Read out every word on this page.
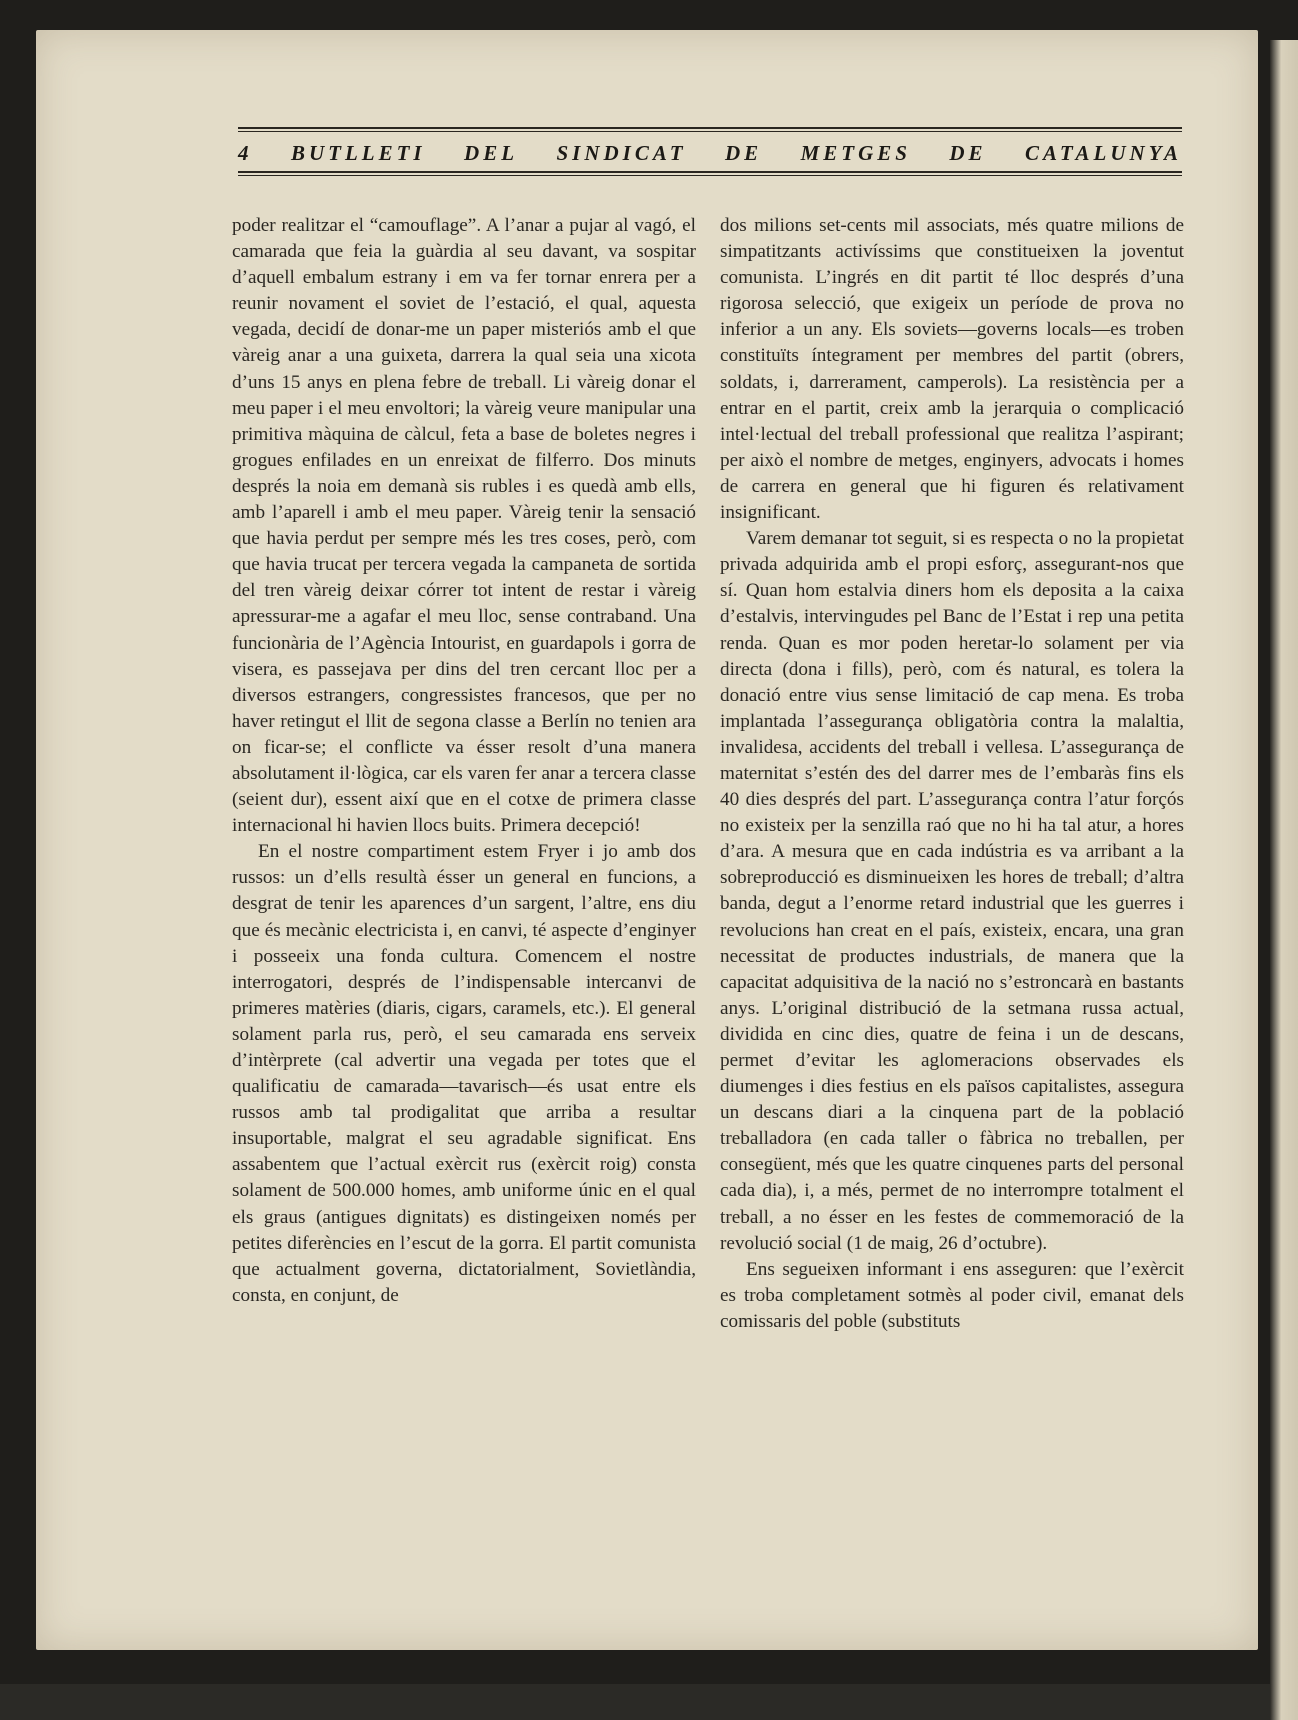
4 BUTLLETI DEL SINDICAT DE METGES DE CATALUNYA

poder realitzar el “camouflage”. A l’anar a pujar al vagó, el camarada que feia la guàrdia al seu davant, va sospitar d’aquell embalum estrany i em va fer tornar enrera per a reunir novament el soviet de l’estació, el qual, aquesta vegada, decidí de donar-me un paper misteriós amb el que vàreig anar a una guixeta, darrera la qual seia una xicota d’uns 15 anys en plena febre de treball. Li vàreig donar el meu paper i el meu envoltori; la vàreig veure manipular una primitiva màquina de càlcul, feta a base de boletes negres i grogues enfilades en un enreixat de filferro. Dos minuts després la noia em demanà sis rubles i es quedà amb ells, amb l’aparell i amb el meu paper. Vàreig tenir la sensació que havia perdut per sempre més les tres coses, però, com que havia trucat per tercera vegada la campaneta de sortida del tren vàreig deixar córrer tot intent de restar i vàreig apressurar-me a agafar el meu lloc, sense contraband. Una funcionària de l’Agència Intourist, en guardapols i gorra de visera, es passejava per dins del tren cercant lloc per a diversos estrangers, congressistes francesos, que per no haver retingut el llit de segona classe a Berlín no tenien ara on ficar-se; el conflicte va ésser resolt d’una manera absolutament il·lògica, car els varen fer anar a tercera classe (seient dur), essent així que en el cotxe de primera classe internacional hi havien llocs buits. Primera decepció!

En el nostre compartiment estem Fryer i jo amb dos russos: un d’ells resultà ésser un general en funcions, a desgrat de tenir les aparences d’un sargent, l’altre, ens diu que és mecànic electricista i, en canvi, té aspecte d’enginyer i posseeix una fonda cultura. Comencem el nostre interrogatori, després de l’indispensable intercanvi de primeres matèries (diaris, cigars, caramels, etc.). El general solament parla rus, però, el seu camarada ens serveix d’intèrprete (cal advertir una vegada per totes que el qualificatiu de camarada—tavarisch—és usat entre els russos amb tal prodigalitat que arriba a resultar insuportable, malgrat el seu agradable significat. Ens assabentem que l’actual exèrcit rus (exèrcit roig) consta solament de 500.000 homes, amb uniforme únic en el qual els graus (antigues dignitats) es distingeixen només per petites diferències en l’escut de la gorra. El partit comunista que actualment governa, dictatorialment, Sovietlàndia, consta, en conjunt, de

dos milions set-cents mil associats, més quatre milions de simpatitzants activíssims que constitueixen la joventut comunista. L’ingrés en dit partit té lloc després d’una rigorosa selecció, que exigeix un període de prova no inferior a un any. Els soviets—governs locals—es troben constituïts íntegrament per membres del partit (obrers, soldats, i, darrerament, camperols). La resistència per a entrar en el partit, creix amb la jerarquia o complicació intel·lectual del treball professional que realitza l’aspirant; per això el nombre de metges, enginyers, advocats i homes de carrera en general que hi figuren és relativament insignificant.

Varem demanar tot seguit, si es respecta o no la propietat privada adquirida amb el propi esforç, assegurant-nos que sí. Quan hom estalvia diners hom els deposita a la caixa d’estalvis, intervingudes pel Banc de l’Estat i rep una petita renda. Quan es mor poden heretar-lo solament per via directa (dona i fills), però, com és natural, es tolera la donació entre vius sense limitació de cap mena. Es troba implantada l’assegurança obligatòria contra la malaltia, invalidesa, accidents del treball i vellesa. L’assegurança de maternitat s’estén des del darrer mes de l’embaràs fins els 40 dies després del part. L’assegurança contra l’atur forçós no existeix per la senzilla raó que no hi ha tal atur, a hores d’ara. A mesura que en cada indústria es va arribant a la sobreproducció es disminueixen les hores de treball; d’altra banda, degut a l’enorme retard industrial que les guerres i revolucions han creat en el país, existeix, encara, una gran necessitat de productes industrials, de manera que la capacitat adquisitiva de la nació no s’estroncarà en bastants anys. L’original distribució de la setmana russa actual, dividida en cinc dies, quatre de feina i un de descans, permet d’evitar les aglomeracions observades els diumenges i dies festius en els països capitalistes, assegura un descans diari a la cinquena part de la població treballadora (en cada taller o fàbrica no treballen, per consegüent, més que les quatre cinquenes parts del personal cada dia), i, a més, permet de no interrompre totalment el treball, a no ésser en les festes de commemoració de la revolució social (1 de maig, 26 d’octubre).

Ens segueixen informant i ens asseguren: que l’exèrcit es troba completament sotmès al poder civil, emanat dels comissaris del poble (substituts
